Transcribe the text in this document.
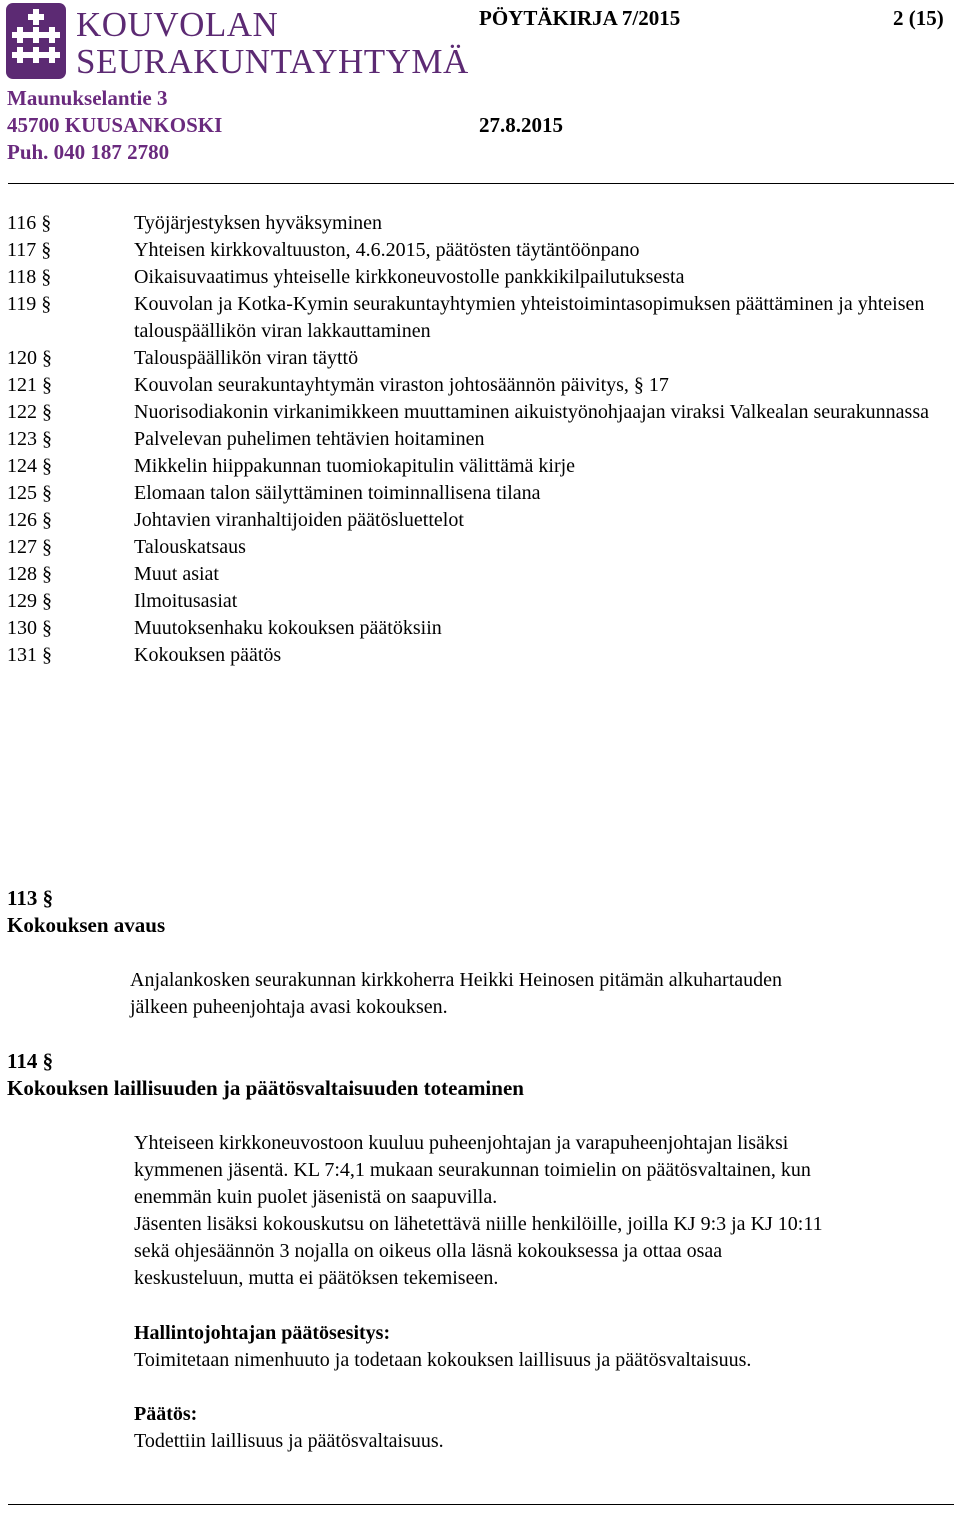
KOUVOLAN
SEURAKUNTAYHTYMÄ
PÖYTÄKIRJA 7/2015	2 (15)
Maunukselantie 3
45700 KUUSANKOSKI	27.8.2015
Puh. 040 187 2780
116 §	Työjärjestyksen hyväksyminen
117 §	Yhteisen kirkkovaltuuston, 4.6.2015, päätösten täytäntöönpano
118 §	Oikaisuvaatimus yhteiselle kirkkoneuvostolle pankkikilpailutuksesta
119 §	Kouvolan ja Kotka-Kymin seurakuntayhtymien yhteistoimintasopimuksen päättäminen ja yhteisen talouspäällikön viran lakkauttaminen
120 §	Talouspäällikön viran täyttö
121 §	Kouvolan seurakuntayhtymän viraston johtosäännön päivitys, § 17
122 §	Nuorisodiakonin virkanimikkeen muuttaminen aikuistyönohjaajan viraksi Valkealan seurakunnassa
123 §	Palvelevan puhelimen tehtävien hoitaminen
124 §	Mikkelin hiippakunnan tuomiokapitulin välittämä kirje
125 §	Elomaan talon säilyttäminen toiminnallisena tilana
126 §	Johtavien viranhaltijoiden päätösluettelot
127 §	Talouskatsaus
128 §	Muut asiat
129 §	Ilmoitusasiat
130 §	Muutoksenhaku kokouksen päätöksiin
131 §	Kokouksen päätös
113 §
Kokouksen avaus
Anjalankosken seurakunnan kirkkoherra Heikki Heinosen pitämän alkuhartauden
jälkeen puheenjohtaja avasi kokouksen.
114 §
Kokouksen laillisuuden ja päätösvaltaisuuden toteaminen
Yhteiseen kirkkoneuvostoon kuuluu puheenjohtajan ja varapuheenjohtajan lisäksi
kymmenen jäsentä. KL 7:4,1 mukaan seurakunnan toimielin on päätösvaltainen, kun
enemmän kuin puolet jäsenistä on saapuvilla.
Jäsenten lisäksi kokouskutsu on lähetettävä niille henkilöille, joilla KJ 9:3 ja KJ 10:11
sekä ohjesäännön 3 nojalla on oikeus olla läsnä kokouksessa ja ottaa osaa
keskusteluun, mutta ei päätöksen tekemiseen.
Hallintojohtajan päätösesitys:
Toimitetaan nimenhuuto ja todetaan kokouksen laillisuus ja päätösvaltaisuus.
Päätös:
Todettiin laillisuus ja päätösvaltaisuus.
